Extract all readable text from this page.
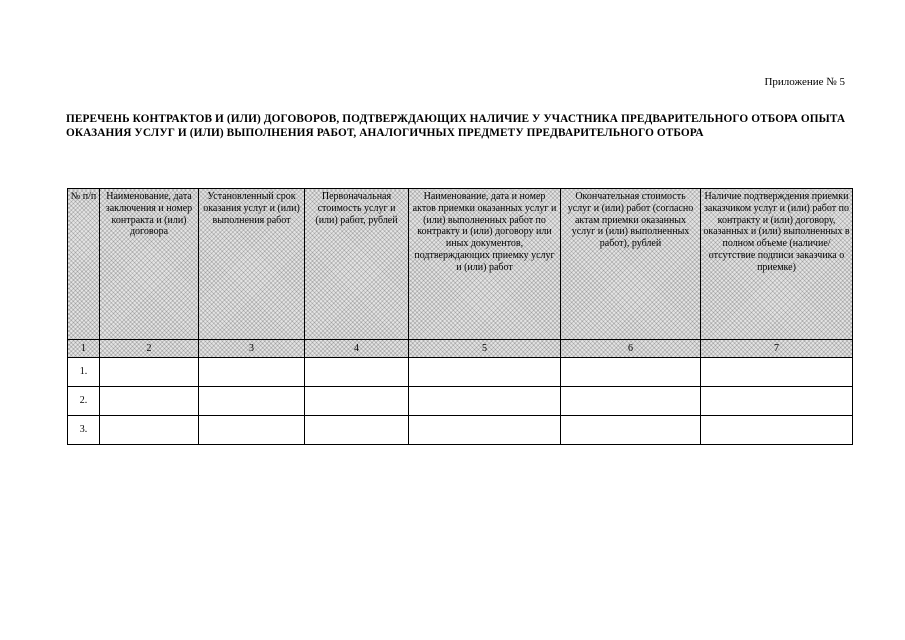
Приложение № 5

ПЕРЕЧЕНЬ КОНТРАКТОВ И (ИЛИ) ДОГОВОРОВ, ПОДТВЕРЖДАЮЩИХ НАЛИЧИЕ У УЧАСТНИКА ПРЕДВАРИТЕЛЬНОГО ОТБОРА ОПЫТА ОКАЗАНИЯ УСЛУГ И (ИЛИ) ВЫПОЛНЕНИЯ РАБОТ, АНАЛОГИЧНЫХ ПРЕДМЕТУ ПРЕДВАРИТЕЛЬНОГО ОТБОРА

№ п/п	Наименование, дата заключения и номер контракта и (или) договора	Установленный срок оказания услуг и (или) выполнения работ	Первоначальная стоимость услуг и (или) работ, рублей	Наименование, дата и номер актов приемки оказанных услуг и (или) выполненных работ по контракту и (или) договору или иных документов, подтверждающих приемку услуг и (или) работ	Окончательная стоимость услуг и (или) работ (согласно актам приемки оказанных услуг и (или) выполненных работ), рублей	Наличие подтверждения приемки заказчиком услуг и (или) работ по контракту и (или) договору, оказанных и (или) выполненных в полном объеме (наличие/отсутствие подписи заказчика о приемке)
1	2	3	4	5	6	7
1.						
2.						
3.						
